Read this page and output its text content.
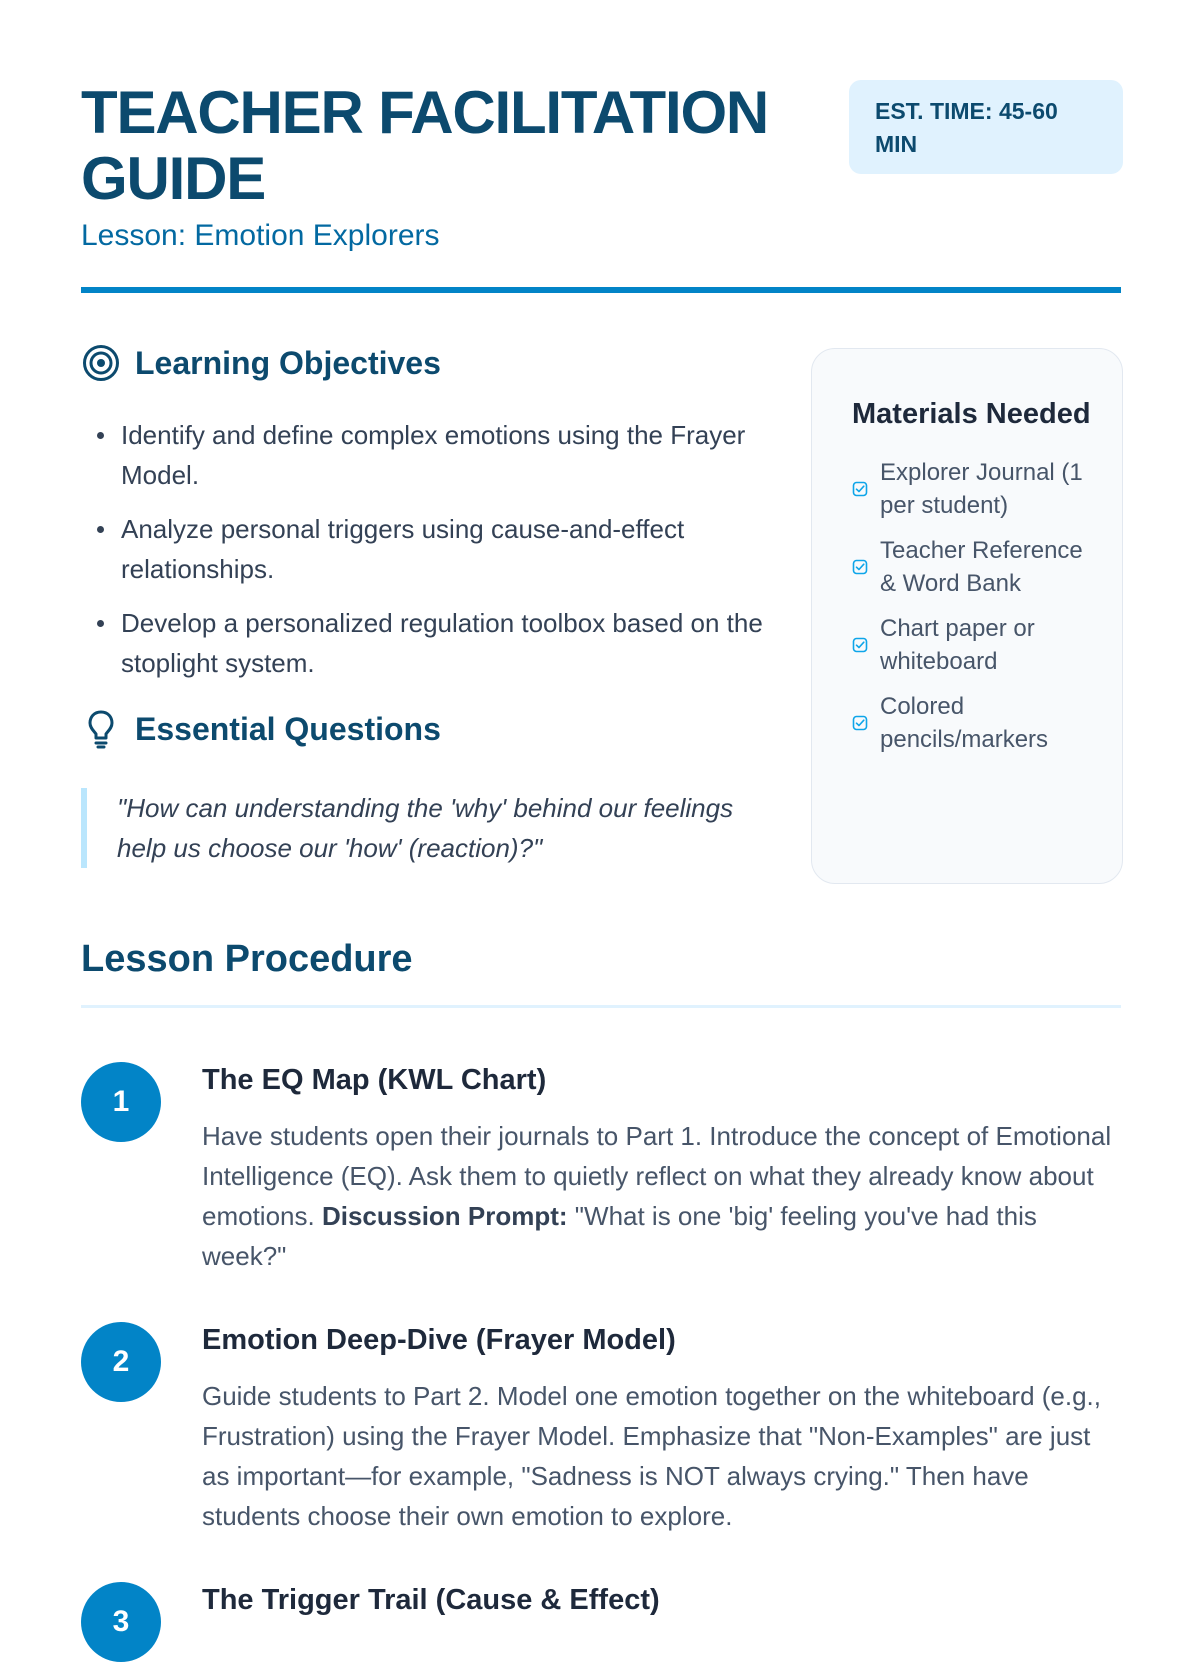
TEACHER FACILITATION GUIDE

Lesson: Emotion Explorers

EST. TIME: 45-60 MIN
Learning Objectives
Identify and define complex emotions using the Frayer Model.
Analyze personal triggers using cause-and-effect relationships.
Develop a personalized regulation toolbox based on the stoplight system.
Essential Questions
"How can understanding the 'why' behind our feelings help us choose our 'how' (reaction)?"
Materials Needed
Explorer Journal (1 per student)
Teacher Reference & Word Bank
Chart paper or whiteboard
Colored pencils/markers
Lesson Procedure
1
The EQ Map (KWL Chart)

Have students open their journals to Part 1. Introduce the concept of Emotional Intelligence (EQ). Ask them to quietly reflect on what they already know about emotions. Discussion Prompt: "What is one 'big' feeling you've had this week?"

2
Emotion Deep-Dive (Frayer Model)

Guide students to Part 2. Model one emotion together on the whiteboard (e.g., Frustration) using the Frayer Model. Emphasize that "Non-Examples" are just as important—for example, "Sadness is NOT always crying." Then have students choose their own emotion to explore.

3
The Trigger Trail (Cause & Effect)
